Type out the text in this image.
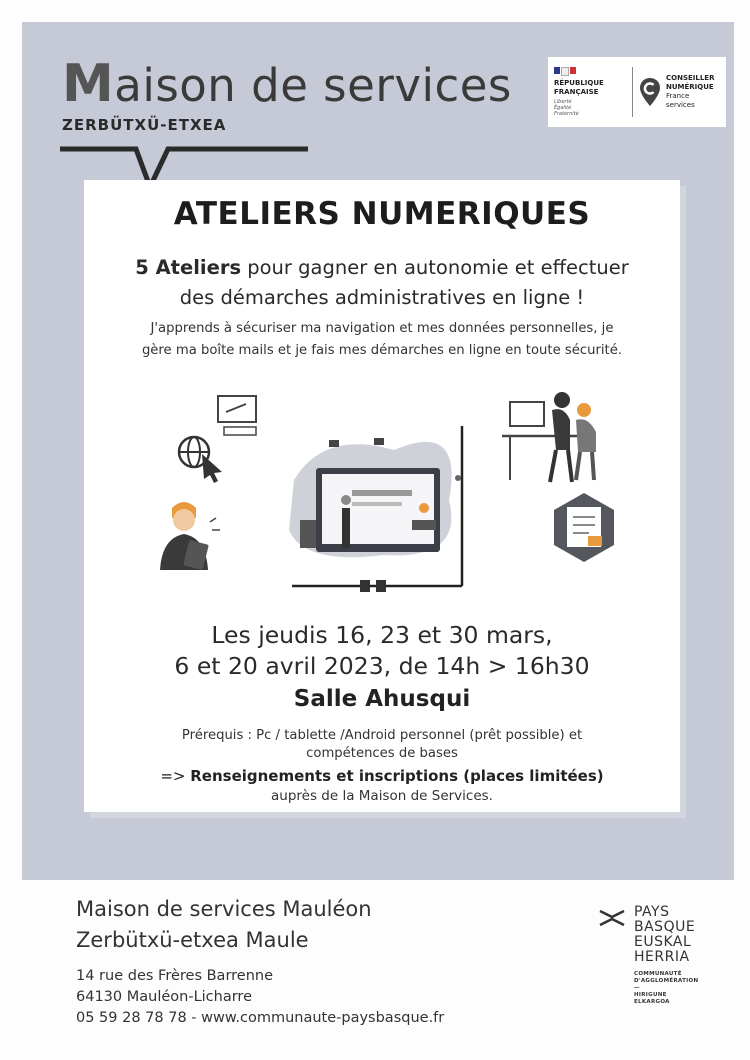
Maison de services
ZERBÜTXÜ-ETXEA
RÉPUBLIQUE
FRANÇAISE
Liberté
Égalité
Fraternité
CONSEILLER
NUMÉRIQUE
France
services
ATELIERS NUMERIQUES
5 Ateliers pour gagner en autonomie et effectuer
des démarches administratives en ligne !
J'apprends à sécuriser ma navigation et mes données personnelles, je
gère ma boîte mails et je fais mes démarches en ligne en toute sécurité.
Les jeudis 16, 23 et 30 mars,
6 et 20 avril 2023, de 14h > 16h30
Salle Ahusqui
Prérequis : Pc / tablette /Android personnel (prêt possible) et
compétences de bases
=> Renseignements et inscriptions (places limitées)
auprès de la Maison de Services.
Maison de services Mauléon
Zerbütxü-etxea Maule
14 rue des Frères Barrenne
64130 Mauléon-Licharre
05 59 28 78 78 - www.communaute-paysbasque.fr
PAYS
BASQUE
EUSKAL
HERRIA
COMMUNAUTÉ
D'AGGLOMÉRATION
—
HIRIGUNE
ELKARGOA
